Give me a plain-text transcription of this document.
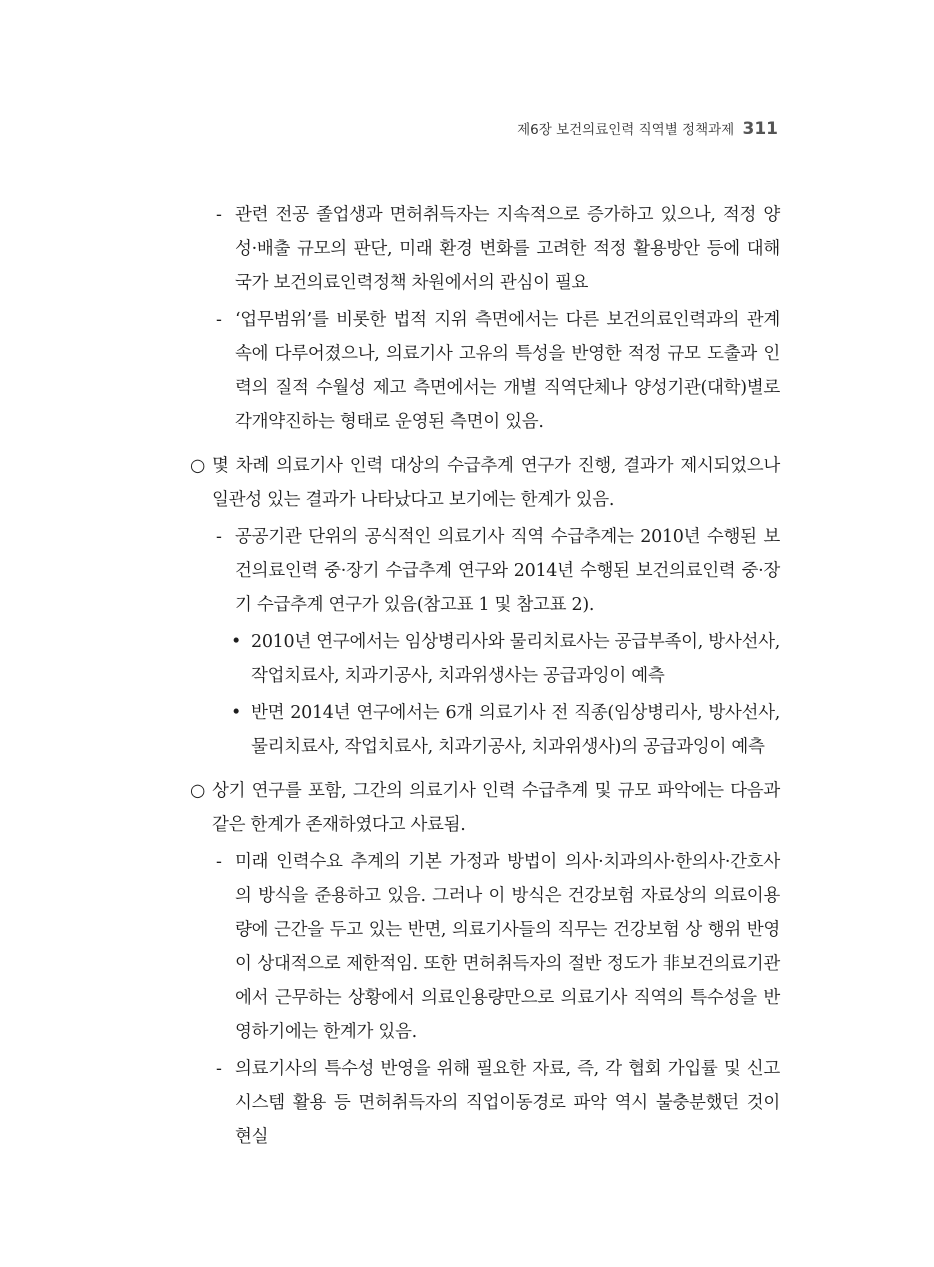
제6장 보건의료인력 직역별 정책과제 311
- 관련 전공 졸업생과 면허취득자는 지속적으로 증가하고 있으나, 적정 양성·배출 규모의 판단, 미래 환경 변화를 고려한 적정 활용방안 등에 대해 국가 보건의료인력정책 차원에서의 관심이 필요
- ‘업무범위’를 비롯한 법적 지위 측면에서는 다른 보건의료인력과의 관계 속에 다루어졌으나, 의료기사 고유의 특성을 반영한 적정 규모 도출과 인력의 질적 수월성 제고 측면에서는 개별 직역단체나 양성기관(대학)별로 각개약진하는 형태로 운영된 측면이 있음.
○ 몇 차례 의료기사 인력 대상의 수급추계 연구가 진행, 결과가 제시되었으나 일관성 있는 결과가 나타났다고 보기에는 한계가 있음.
- 공공기관 단위의 공식적인 의료기사 직역 수급추계는 2010년 수행된 보건의료인력 중·장기 수급추계 연구와 2014년 수행된 보건의료인력 중·장기 수급추계 연구가 있음(참고표 1 및 참고표 2).
• 2010년 연구에서는 임상병리사와 물리치료사는 공급부족이, 방사선사, 작업치료사, 치과기공사, 치과위생사는 공급과잉이 예측
• 반면 2014년 연구에서는 6개 의료기사 전 직종(임상병리사, 방사선사, 물리치료사, 작업치료사, 치과기공사, 치과위생사)의 공급과잉이 예측
○ 상기 연구를 포함, 그간의 의료기사 인력 수급추계 및 규모 파악에는 다음과 같은 한계가 존재하였다고 사료됨.
- 미래 인력수요 추계의 기본 가정과 방법이 의사·치과의사·한의사·간호사의 방식을 준용하고 있음. 그러나 이 방식은 건강보험 자료상의 의료이용량에 근간을 두고 있는 반면, 의료기사들의 직무는 건강보험 상 행위 반영이 상대적으로 제한적임. 또한 면허취득자의 절반 정도가 非보건의료기관에서 근무하는 상황에서 의료인용량만으로 의료기사 직역의 특수성을 반영하기에는 한계가 있음.
- 의료기사의 특수성 반영을 위해 필요한 자료, 즉, 각 협회 가입률 및 신고시스템 활용 등 면허취득자의 직업이동경로 파악 역시 불충분했던 것이 현실
